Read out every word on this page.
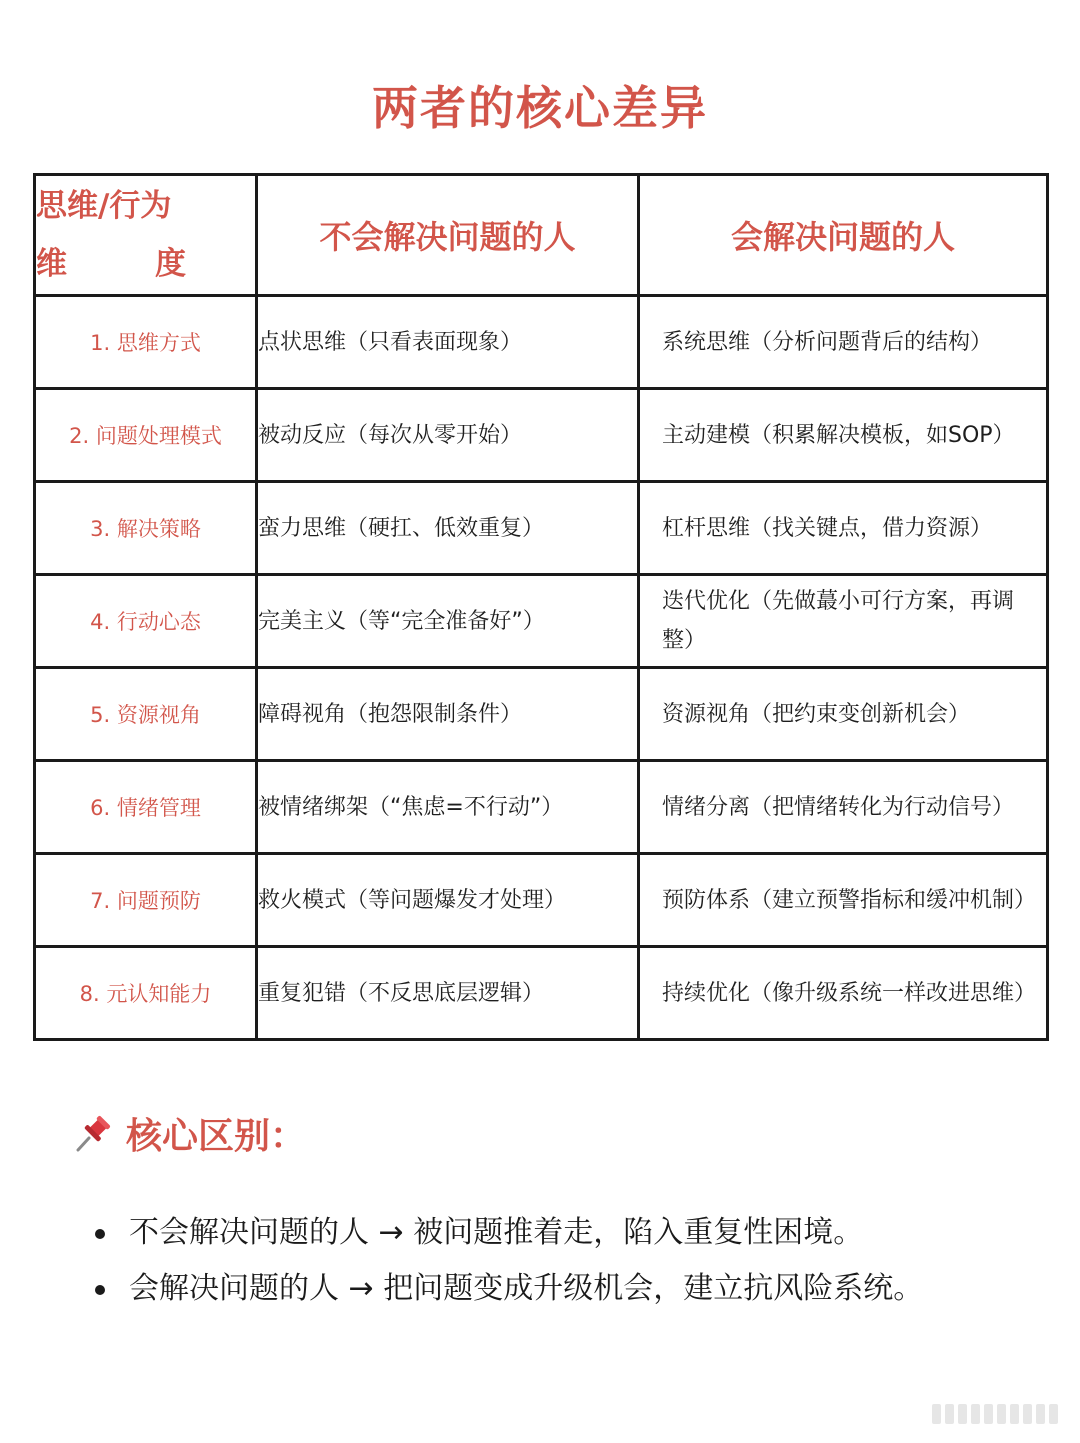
两者的核心差异
思维/行为
维　　度	不会解决问题的人	会解决问题的人
1. 思维方式	点状思维（只看表面现象）	系统思维（分析问题背后的结构）
2. 问题处理模式	被动反应（每次从零开始）	主动建模（积累解决模板，如SOP）
3. 解决策略	蛮力思维（硬扛、低效重复）	杠杆思维（找关键点，借力资源）
4. 行动心态	完美主义（等“完全准备好”）	迭代优化（先做蕞小可行方案，再调整）
5. 资源视角	障碍视角（抱怨限制条件）	资源视角（把约束变创新机会）
6. 情绪管理	被情绪绑架（“焦虑=不行动”）	情绪分离（把情绪转化为行动信号）
7. 问题预防	救火模式（等问题爆发才处理）	预防体系（建立预警指标和缓冲机制）
8. 元认知能力	重复犯错（不反思底层逻辑）	持续优化（像升级系统一样改进思维）
核心区别：
不会解决问题的人 → 被问题推着走，陷入重复性困境。
会解决问题的人 → 把问题变成升级机会，建立抗风险系统。
